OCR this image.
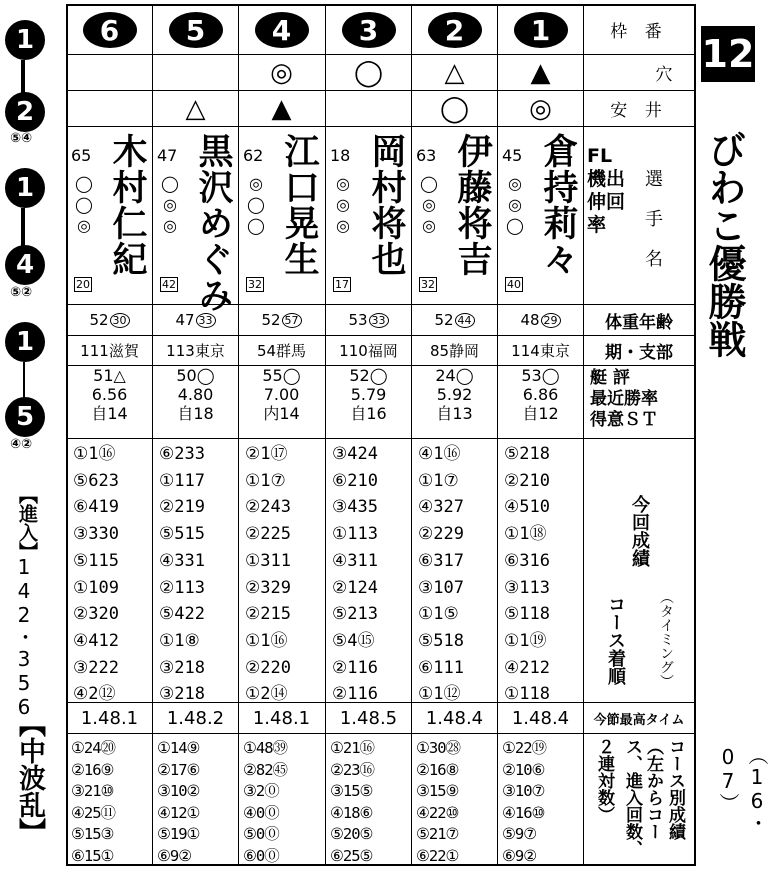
1
2
⑤④
1
4
⑤②
1
5
④②
【進入】
142・356
【中波乱】
枠 番
穴
安 井
FL
機出
伸回
率
選
手
名
体重年齢
期・支部
艇 評
最近勝率
得意ＳＴ
今回成績
（タイミング）
コース着順
今節最高タイム
コース別成績
（左からコース、進入回数、
２連対数）
12
びわこ優勝戦
（16・07）
6
木村仁紀
65
◯
◯
◎
20
52 30
111 滋賀
51△
6.56
自14
①1⑯
⑤623
⑥419
③330
⑤115
①109
②320
④412
③222
④2⑫
1.48.1
①24⑳
②16⑨
③21⑩
④25⑪
⑤15③
⑥15①
5
△
黒沢めぐみ
47
◯
◎
◎
42
47 33
113 東京
50◯
4.80
自18
⑥233
①117
②219
⑤515
④331
②113
⑤422
①1⑧
③218
③218
1.48.2
①14⑨
②17⑥
③10②
④12①
⑤19①
⑥9②
4
◎
▲
江口晃生
62
◎
◯
◯
32
52 57
54 群馬
55◯
7.00
内14
②1⑰
①1⑦
②243
②225
①311
②329
②215
①1⑯
②220
①2⑭
1.48.1
①48㊴
②82㊺
③2⓪
④0⓪
⑤0⓪
⑥0⓪
3
◯
岡村将也
18
◎
◎
◎
17
53 33
110 福岡
52◯
5.79
自16
③424
⑥210
③435
①113
④311
②124
⑤213
⑤4⑮
②116
②116
1.48.5
①21⑯
②23⑯
③15⑤
④18⑥
⑤20⑤
⑥25⑤
2
△
◯
伊藤将吉
63
◯
◎
◎
32
52 44
85 静岡
24◯
5.92
自13
④1⑯
①1⑦
④327
②229
⑥317
③107
①1⑤
⑤518
⑥111
①1⑫
1.48.4
①30㉘
②16⑧
③15⑨
④22⑩
⑤21⑦
⑥22①
1
▲
◎
倉持莉々
45
◎
◎
◯
40
48 29
114 東京
53◯
6.86
自12
⑤218
②210
④510
①1⑱
⑥316
③113
⑤118
①1⑲
④212
①118
1.48.4
①22⑲
②10⑥
③10⑦
④16⑩
⑤9⑦
⑥9②
